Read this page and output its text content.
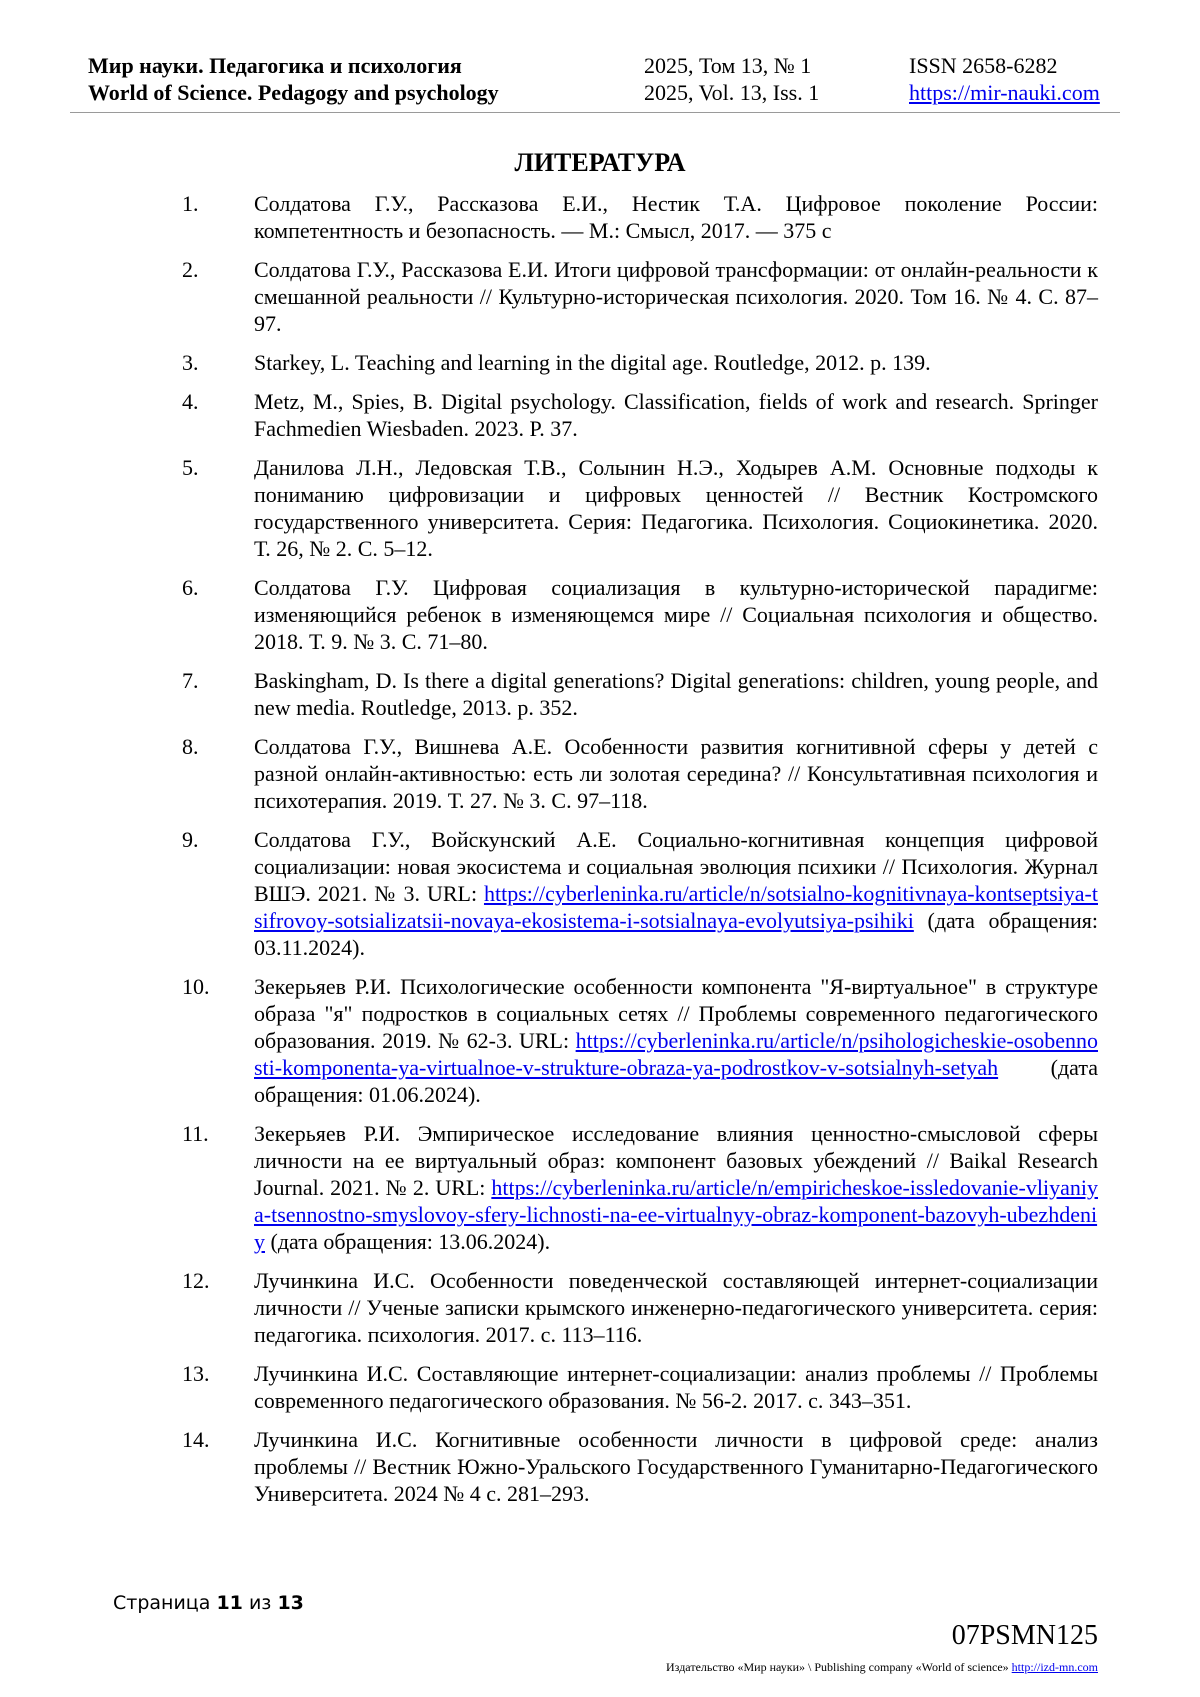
Мир науки. Педагогика и психология	2025, Том 13, № 1	ISSN 2658-6282
World of Science. Pedagogy and psychology	2025, Vol. 13, Iss. 1	https://mir-nauki.com
ЛИТЕРАТУРА
1.	Солдатова Г.У., Рассказова Е.И., Нестик Т.А. Цифровое поколение России: компетентность и безопасность. — М.: Смысл, 2017. — 375 с
2.	Солдатова Г.У., Рассказова Е.И. Итоги цифровой трансформации: от онлайн-реальности к смешанной реальности // Культурно-историческая психология. 2020. Том 16. № 4. С. 87–97.
3.	Starkey, L. Teaching and learning in the digital age. Routledge, 2012. p. 139.
4.	Metz, M., Spies, B. Digital psychology. Classification, fields of work and research. Springer Fachmedien Wiesbaden. 2023. P. 37.
5.	Данилова Л.Н., Ледовская Т.В., Солынин Н.Э., Ходырев А.М. Основные подходы к пониманию цифровизации и цифровых ценностей // Вестник Костромского государственного университета. Серия: Педагогика. Психология. Социокинетика. 2020. Т. 26, № 2. С. 5–12.
6.	Солдатова Г.У. Цифровая социализация в культурно-исторической парадигме: изменяющийся ребенок в изменяющемся мире // Социальная психология и общество. 2018. Т. 9. № 3. С. 71–80.
7.	Baskingham, D. Is there a digital generations? Digital generations: children, young people, and new media. Routledge, 2013. p. 352.
8.	Солдатова Г.У., Вишнева А.Е. Особенности развития когнитивной сферы у детей с разной онлайн-активностью: есть ли золотая середина? // Консультативная психология и психотерапия. 2019. Т. 27. № 3. С. 97–118.
9.	Солдатова Г.У., Войскунский А.Е. Социально-когнитивная концепция цифровой социализации: новая экосистема и социальная эволюция психики // Психология. Журнал ВШЭ. 2021. № 3. URL: https://cyberleninka.ru/article/n/sotsialno-kognitivnaya-kontseptsiya-tsifrovoy-sotsializatsii-novaya-ekosistema-i-sotsialnaya-evolyutsiya-psihiki (дата обращения: 03.11.2024).
10.	Зекерьяев Р.И. Психологические особенности компонента "Я-виртуальное" в структуре образа "я" подростков в социальных сетях // Проблемы современного педагогического образования. 2019. № 62-3. URL: https://cyberleninka.ru/article/n/psihologicheskie-osobennosti-komponenta-ya-virtualnoe-v-strukture-obraza-ya-podrostkov-v-sotsialnyh-setyah (дата обращения: 01.06.2024).
11.	Зекерьяев Р.И. Эмпирическое исследование влияния ценностно-смысловой сферы личности на ее виртуальный образ: компонент базовых убеждений // Baikal Research Journal. 2021. № 2. URL: https://cyberleninka.ru/article/n/empiricheskoe-issledovanie-vliyaniya-tsennostno-smyslovoy-sfery-lichnosti-na-ee-virtualnyy-obraz-komponent-bazovyh-ubezhdeniy (дата обращения: 13.06.2024).
12.	Лучинкина И.С. Особенности поведенческой составляющей интернет-социализации личности // Ученые записки крымского инженерно-педагогического университета. серия: педагогика. психология. 2017. с. 113–116.
13.	Лучинкина И.С. Составляющие интернет-социализации: анализ проблемы // Проблемы современного педагогического образования. № 56-2. 2017. с. 343–351.
14.	Лучинкина И.С. Когнитивные особенности личности в цифровой среде: анализ проблемы // Вестник Южно-Уральского Государственного Гуманитарно-Педагогического Университета. 2024 № 4 с. 281–293.
Страница 11 из 13
07PSMN125
Издательство «Мир науки» \ Publishing company «World of science» http://izd-mn.com
